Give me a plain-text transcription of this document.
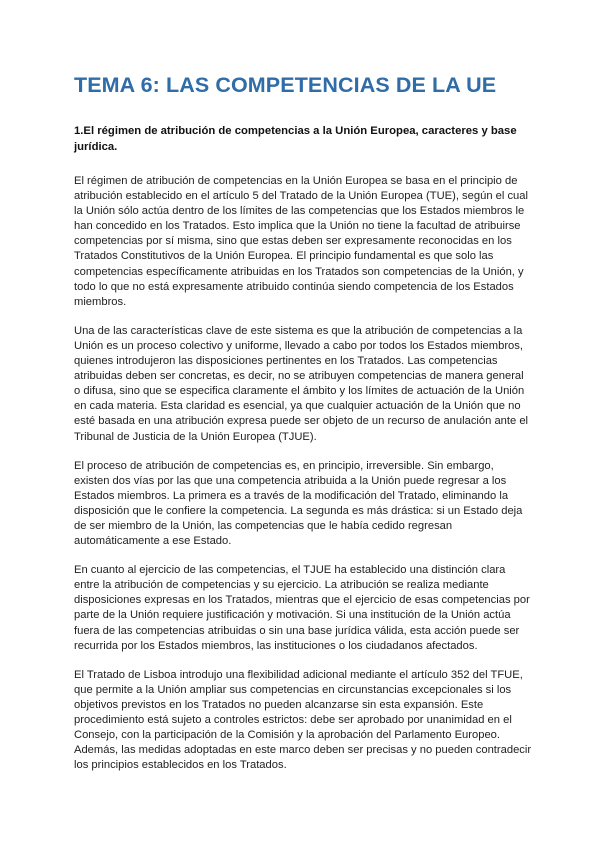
TEMA 6: LAS COMPETENCIAS DE LA UE
1.El régimen de atribución de competencias a la Unión Europea, caracteres y base jurídica.

El régimen de atribución de competencias en la Unión Europea se basa en el principio de atribución establecido en el artículo 5 del Tratado de la Unión Europea (TUE), según el cual la Unión sólo actúa dentro de los límites de las competencias que los Estados miembros le han concedido en los Tratados. Esto implica que la Unión no tiene la facultad de atribuirse competencias por sí misma, sino que estas deben ser expresamente reconocidas en los Tratados Constitutivos de la Unión Europea. El principio fundamental es que solo las competencias específicamente atribuidas en los Tratados son competencias de la Unión, y todo lo que no está expresamente atribuido continúa siendo competencia de los Estados miembros.

Una de las características clave de este sistema es que la atribución de competencias a la Unión es un proceso colectivo y uniforme, llevado a cabo por todos los Estados miembros, quienes introdujeron las disposiciones pertinentes en los Tratados. Las competencias atribuidas deben ser concretas, es decir, no se atribuyen competencias de manera general o difusa, sino que se especifica claramente el ámbito y los límites de actuación de la Unión en cada materia. Esta claridad es esencial, ya que cualquier actuación de la Unión que no esté basada en una atribución expresa puede ser objeto de un recurso de anulación ante el Tribunal de Justicia de la Unión Europea (TJUE).

El proceso de atribución de competencias es, en principio, irreversible. Sin embargo, existen dos vías por las que una competencia atribuida a la Unión puede regresar a los Estados miembros. La primera es a través de la modificación del Tratado, eliminando la disposición que le confiere la competencia. La segunda es más drástica: si un Estado deja de ser miembro de la Unión, las competencias que le había cedido regresan automáticamente a ese Estado.

En cuanto al ejercicio de las competencias, el TJUE ha establecido una distinción clara entre la atribución de competencias y su ejercicio. La atribución se realiza mediante disposiciones expresas en los Tratados, mientras que el ejercicio de esas competencias por parte de la Unión requiere justificación y motivación. Si una institución de la Unión actúa fuera de las competencias atribuidas o sin una base jurídica válida, esta acción puede ser recurrida por los Estados miembros, las instituciones o los ciudadanos afectados.

El Tratado de Lisboa introdujo una flexibilidad adicional mediante el artículo 352 del TFUE, que permite a la Unión ampliar sus competencias en circunstancias excepcionales si los objetivos previstos en los Tratados no pueden alcanzarse sin esta expansión. Este procedimiento está sujeto a controles estrictos: debe ser aprobado por unanimidad en el Consejo, con la participación de la Comisión y la aprobación del Parlamento Europeo. Además, las medidas adoptadas en este marco deben ser precisas y no pueden contradecir los principios establecidos en los Tratados.
